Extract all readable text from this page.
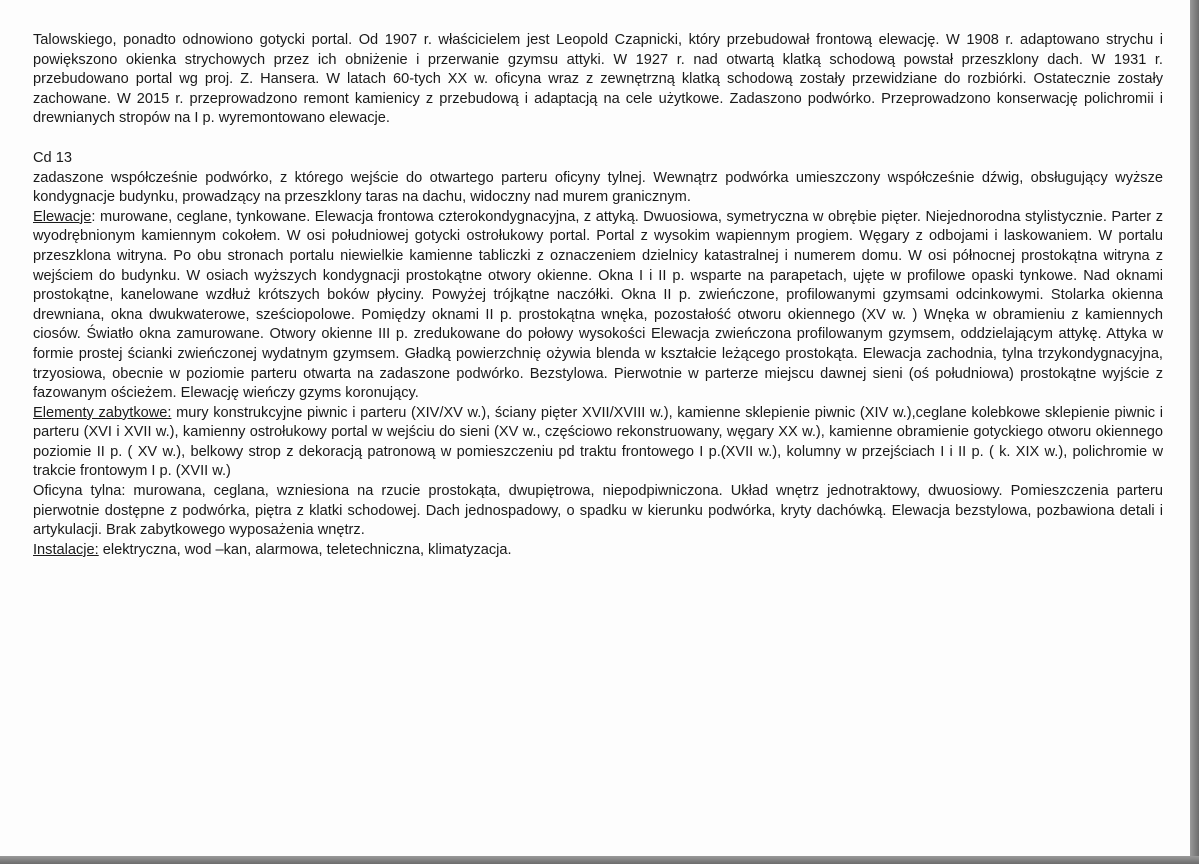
Talowskiego, ponadto odnowiono gotycki portal. Od 1907 r. właścicielem jest Leopold Czapnicki, który przebudował frontową elewację. W 1908 r. adaptowano strychu i powiększono okienka strychowych przez ich obniżenie i przerwanie gzymsu attyki. W 1927 r. nad otwartą klatką schodową powstał przeszklony dach. W 1931 r. przebudowano portal wg proj. Z. Hansera. W latach 60-tych XX w. oficyna wraz z zewnętrzną klatką schodową zostały przewidziane do rozbiórki. Ostatecznie zostały zachowane. W 2015 r. przeprowadzono remont kamienicy z przebudową i adaptacją na cele użytkowe. Zadaszono podwórko. Przeprowadzono konserwację polichromii i drewnianych stropów na I p. wyremontowano elewacje.

Cd 13

zadaszone współcześnie podwórko, z którego wejście do otwartego parteru oficyny tylnej. Wewnątrz podwórka umieszczony współcześnie dźwig, obsługujący wyższe kondygnacje budynku, prowadzący na przeszklony taras na dachu, widoczny nad murem granicznym.

Elewacje: murowane, ceglane, tynkowane. Elewacja frontowa czterokondygnacyjna, z attyką. Dwuosiowa, symetryczna w obrębie pięter. Niejednorodna stylistycznie. Parter z wyodrębnionym kamiennym cokołem. W osi południowej gotycki ostrołukowy portal. Portal z wysokim wapiennym progiem. Węgary z odbojami i laskowaniem. W portalu przeszklona witryna. Po obu stronach portalu niewielkie kamienne tabliczki z oznaczeniem dzielnicy katastralnej i numerem domu. W osi północnej prostokątna witryna z wejściem do budynku. W osiach wyższych kondygnacji prostokątne otwory okienne. Okna I i II p. wsparte na parapetach, ujęte w profilowe opaski tynkowe. Nad oknami prostokątne, kanelowane wzdłuż krótszych boków płyciny. Powyżej trójkątne naczółki. Okna II p. zwieńczone, profilowanymi gzymsami odcinkowymi. Stolarka okienna drewniana, okna dwukwaterowe, sześciopolowe. Pomiędzy oknami II p. prostokątna wnęka, pozostałość otworu okiennego (XV w. ) Wnęka w obramieniu z kamiennych ciosów. Światło okna zamurowane. Otwory okienne III p. zredukowane do połowy wysokości Elewacja zwieńczona profilowanym gzymsem, oddzielającym attykę. Attyka w formie prostej ścianki zwieńczonej wydatnym gzymsem. Gładką powierzchnię ożywia blenda w kształcie leżącego prostokąta. Elewacja zachodnia, tylna trzykondygnacyjna, trzyosiowa, obecnie w poziomie parteru otwarta na zadaszone podwórko. Bezstylowa. Pierwotnie w parterze miejscu dawnej sieni (oś południowa) prostokątne wyjście z fazowanym ościeżem. Elewację wieńczy gzyms koronujący.

Elementy zabytkowe: mury konstrukcyjne piwnic i parteru (XIV/XV w.), ściany pięter XVII/XVIII w.), kamienne sklepienie piwnic (XIV w.),ceglane kolebkowe sklepienie piwnic i parteru (XVI i XVII w.), kamienny ostrołukowy portal w wejściu do sieni (XV w., częściowo rekonstruowany, węgary XX w.), kamienne obramienie gotyckiego otworu okiennego poziomie II p. ( XV w.), belkowy strop z dekoracją patronową w pomieszczeniu pd traktu frontowego I p.(XVII w.), kolumny w przejściach I i II p. ( k. XIX w.), polichromie w trakcie frontowym I p. (XVII w.)

Oficyna tylna: murowana, ceglana, wzniesiona na rzucie prostokąta, dwupiętrowa, niepodpiwniczona. Układ wnętrz jednotraktowy, dwuosiowy. Pomieszczenia parteru pierwotnie dostępne z podwórka, piętra z klatki schodowej. Dach jednospadowy, o spadku w kierunku podwórka, kryty dachówką. Elewacja bezstylowa, pozbawiona detali i artykulacji. Brak zabytkowego wyposażenia wnętrz.

Instalacje: elektryczna, wod –kan, alarmowa, teletechniczna, klimatyzacja.
